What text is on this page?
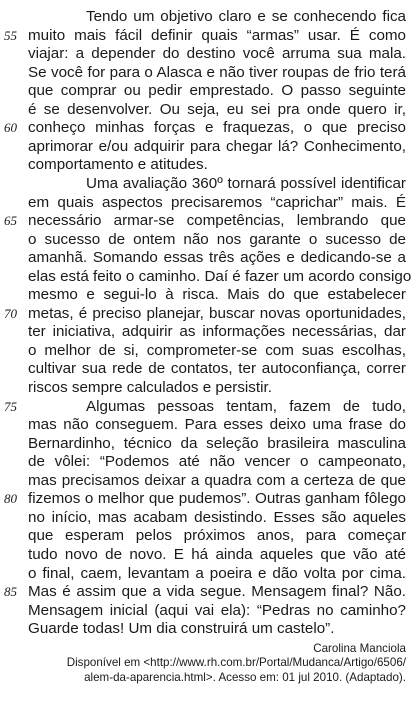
Tendo um objetivo claro e se conhecendo fica
55 muito mais fácil definir quais “armas” usar. É como
viajar: a depender do destino você arruma sua mala.
Se você for para o Alasca e não tiver roupas de frio terá
que comprar ou pedir emprestado. O passo seguinte
é se desenvolver. Ou seja, eu sei pra onde quero ir,
60 conheço minhas forças e fraquezas, o que preciso
aprimorar e/ou adquirir para chegar lá? Conhecimento,
comportamento e atitudes.
Uma avaliação 360º tornará possível identificar
em quais aspectos precisaremos “caprichar” mais. É
65 necessário armar-se competências, lembrando que
o sucesso de ontem não nos garante o sucesso de
amanhã. Somando essas três ações e dedicando-se a
elas está feito o caminho. Daí é fazer um acordo consigo
mesmo e segui-lo à risca. Mais do que estabelecer
70 metas, é preciso planejar, buscar novas oportunidades,
ter iniciativa, adquirir as informações necessárias, dar
o melhor de si, comprometer-se com suas escolhas,
cultivar sua rede de contatos, ter autoconfiança, correr
riscos sempre calculados e persistir.
75	Algumas pessoas tentam, fazem de tudo,
mas não conseguem. Para esses deixo uma frase do
Bernardinho, técnico da seleção brasileira masculina
de vôlei: “Podemos até não vencer o campeonato,
mas precisamos deixar a quadra com a certeza de que
80 fizemos o melhor que pudemos”. Outras ganham fôlego
no início, mas acabam desistindo. Esses são aqueles
que esperam pelos próximos anos, para começar
tudo novo de novo. E há ainda aqueles que vão até
o final, caem, levantam a poeira e dão volta por cima.
85 Mas é assim que a vida segue. Mensagem final? Não.
Mensagem inicial (aqui vai ela): “Pedras no caminho?
Guarde todas! Um dia construirá um castelo”.
Carolina Manciola
Disponível em <http://www.rh.com.br/Portal/Mudanca/Artigo/6506/
alem-da-aparencia.html>. Acesso em: 01 jul 2010. (Adaptado).
